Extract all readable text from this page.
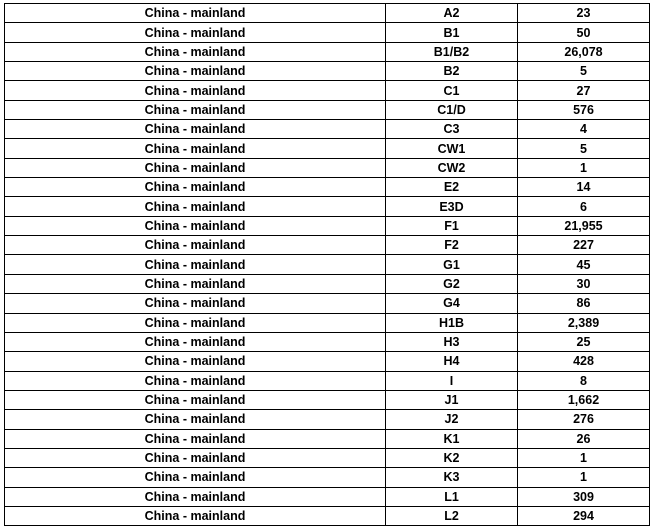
China - mainland	A2	23
China - mainland	B1	50
China - mainland	B1/B2	26,078
China - mainland	B2	5
China - mainland	C1	27
China - mainland	C1/D	576
China - mainland	C3	4
China - mainland	CW1	5
China - mainland	CW2	1
China - mainland	E2	14
China - mainland	E3D	6
China - mainland	F1	21,955
China - mainland	F2	227
China - mainland	G1	45
China - mainland	G2	30
China - mainland	G4	86
China - mainland	H1B	2,389
China - mainland	H3	25
China - mainland	H4	428
China - mainland	I	8
China - mainland	J1	1,662
China - mainland	J2	276
China - mainland	K1	26
China - mainland	K2	1
China - mainland	K3	1
China - mainland	L1	309
China - mainland	L2	294
